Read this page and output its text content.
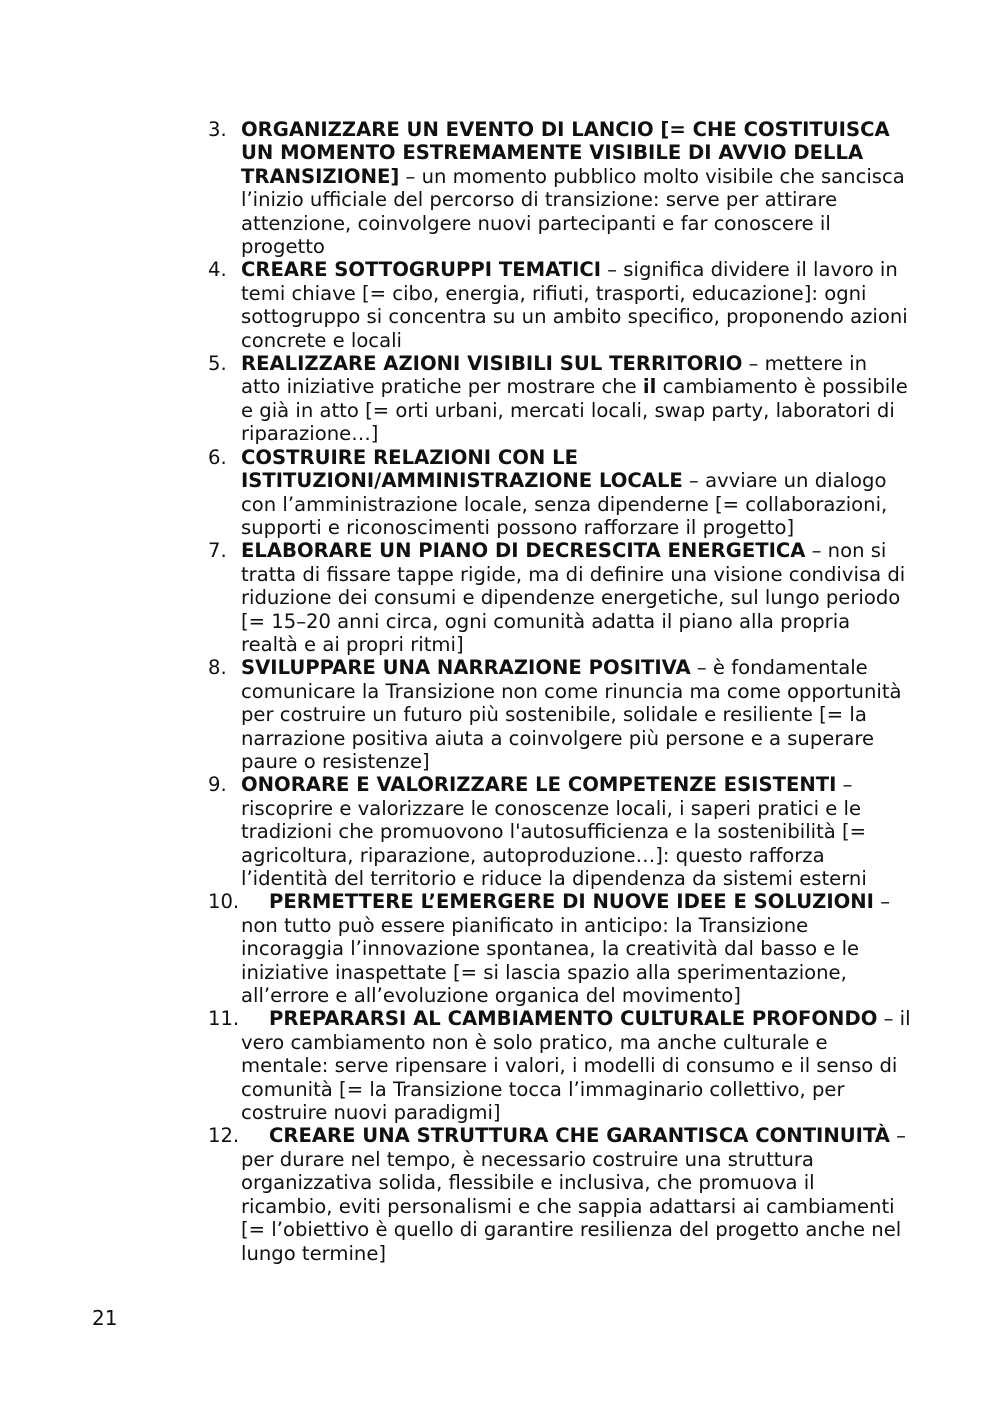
3. ORGANIZZARE UN EVENTO DI LANCIO [= CHE COSTITUISCA UN MOMENTO ESTREMAMENTE VISIBILE DI AVVIO DELLA TRANSIZIONE] – un momento pubblico molto visibile che sancisca l’inizio ufficiale del percorso di transizione: serve per attirare attenzione, coinvolgere nuovi partecipanti e far conoscere il progetto
4. CREARE SOTTOGRUPPI TEMATICI – significa dividere il lavoro in temi chiave [= cibo, energia, rifiuti, trasporti, educazione]: ogni sottogruppo si concentra su un ambito specifico, proponendo azioni concrete e locali
5. REALIZZARE AZIONI VISIBILI SUL TERRITORIO – mettere in atto iniziative pratiche per mostrare che il cambiamento è possibile e già in atto [= orti urbani, mercati locali, swap party, laboratori di riparazione…]
6. COSTRUIRE RELAZIONI CON LE ISTITUZIONI/AMMINISTRAZIONE LOCALE – avviare un dialogo con l’amministrazione locale, senza dipenderne [= collaborazioni, supporti e riconoscimenti possono rafforzare il progetto]
7. ELABORARE UN PIANO DI DECRESCITA ENERGETICA – non si tratta di fissare tappe rigide, ma di definire una visione condivisa di riduzione dei consumi e dipendenze energetiche, sul lungo periodo [= 15–20 anni circa, ogni comunità adatta il piano alla propria realtà e ai propri ritmi]
8. SVILUPPARE UNA NARRAZIONE POSITIVA – è fondamentale comunicare la Transizione non come rinuncia ma come opportunità per costruire un futuro più sostenibile, solidale e resiliente [= la narrazione positiva aiuta a coinvolgere più persone e a superare paure o resistenze]
9. ONORARE E VALORIZZARE LE COMPETENZE ESISTENTI – riscoprire e valorizzare le conoscenze locali, i saperi pratici e le tradizioni che promuovono l'autosufficienza e la sostenibilità [= agricoltura, riparazione, autoproduzione…]: questo rafforza l’identità del territorio e riduce la dipendenza da sistemi esterni
10. PERMETTERE L’EMERGERE DI NUOVE IDEE E SOLUZIONI – non tutto può essere pianificato in anticipo: la Transizione incoraggia l’innovazione spontanea, la creatività dal basso e le iniziative inaspettate [= si lascia spazio alla sperimentazione, all’errore e all’evoluzione organica del movimento]
11. PREPARARSI AL CAMBIAMENTO CULTURALE PROFONDO – il vero cambiamento non è solo pratico, ma anche culturale e mentale: serve ripensare i valori, i modelli di consumo e il senso di comunità [= la Transizione tocca l’immaginario collettivo, per costruire nuovi paradigmi]
12. CREARE UNA STRUTTURA CHE GARANTISCA CONTINUITÀ – per durare nel tempo, è necessario costruire una struttura organizzativa solida, flessibile e inclusiva, che promuova il ricambio, eviti personalismi e che sappia adattarsi ai cambiamenti [= l’obiettivo è quello di garantire resilienza del progetto anche nel lungo termine]
21
